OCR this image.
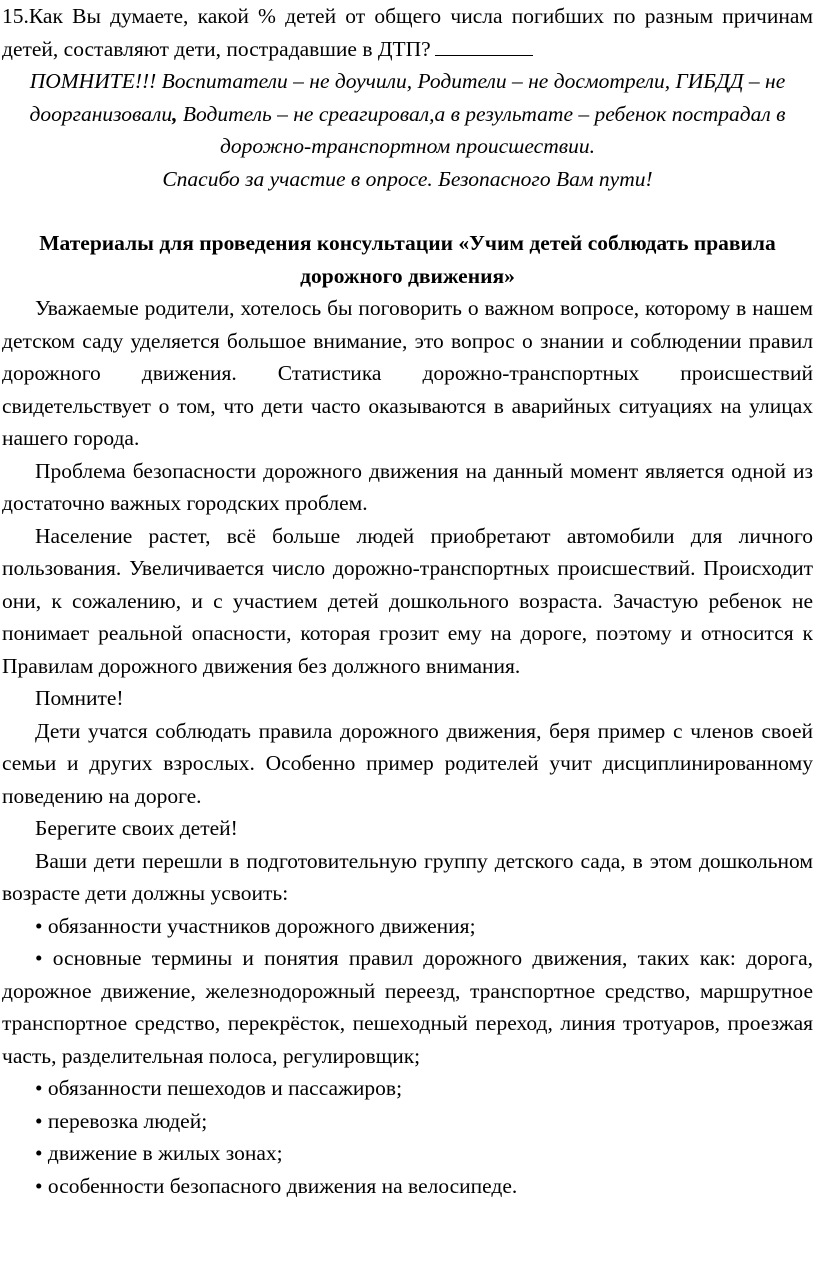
15.Как Вы думаете, какой % детей от общего числа погибших по разным причинам детей, составляют дети, пострадавшие в ДТП?

ПОМНИТЕ!!! Воспитатели – не доучили, Родители – не досмотрели, ГИБДД – не доорганизовали, Водитель – не среагировал,а в результате – ребенок пострадал в дорожно-транспортном происшествии.

Спасибо за участие в опросе. Безопасного Вам пути!

Материалы для проведения консультации «Учим детей соблюдать правила дорожного движения»

Уважаемые родители, хотелось бы поговорить о важном вопросе, которому в нашем детском саду уделяется большое внимание, это вопрос о знании и соблюдении правил дорожного движения. Статистика дорожно-транспортных происшествий свидетельствует о том, что дети часто оказываются в аварийных ситуациях на улицах нашего города.

Проблема безопасности дорожного движения на данный момент является одной из достаточно важных городских проблем.

Население растет, всё больше людей приобретают автомобили для личного пользования. Увеличивается число дорожно-транспортных происшествий. Происходит они, к сожалению, и с участием детей дошкольного возраста. Зачастую ребенок не понимает реальной опасности, которая грозит ему на дороге, поэтому и относится к Правилам дорожного движения без должного внимания.

Помните!

Дети учатся соблюдать правила дорожного движения, беря пример с членов своей семьи и других взрослых. Особенно пример родителей учит дисциплинированному поведению на дороге.

Берегите своих детей!

Ваши дети перешли в подготовительную группу детского сада, в этом дошкольном возрасте дети должны усвоить:

• обязанности участников дорожного движения;

• основные термины и понятия правил дорожного движения, таких как: дорога, дорожное движение, железнодорожный переезд, транспортное средство, маршрутное транспортное средство, перекрёсток, пешеходный переход, линия тротуаров, проезжая часть, разделительная полоса, регулировщик;

• обязанности пешеходов и пассажиров;

• перевозка людей;

• движение в жилых зонах;

• особенности безопасного движения на велосипеде.
